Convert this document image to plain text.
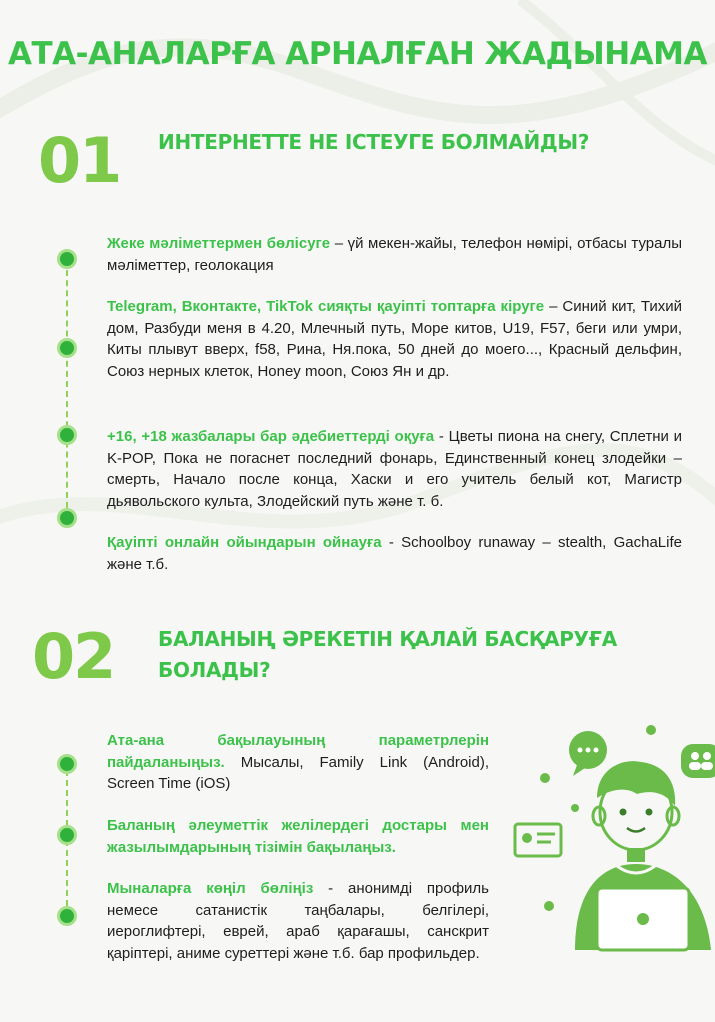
АТА-АНАЛАРҒА АРНАЛҒАН ЖАДЫНАМА
01 ИНТЕРНЕТТЕ НЕ ІСТЕУГЕ БОЛМАЙДЫ?
Жеке мәліметтермен бөлісуге – үй мекен-жайы, телефон нөмірі, отбасы туралы мәліметтер, геолокация
Telegram, Вконтакте, TikTok сияқты қауіпті топтарға кіруге – Синий кит, Тихий дом, Разбуди меня в 4.20, Млечный путь, Море китов, U19, F57, беги или умри, Киты плывут вверх, f58, Рина, Ня.пока, 50 дней до моего..., Красный дельфин, Союз нерных клеток, Honey moon, Союз Ян и др.
+16, +18 жазбалары бар әдебиеттерді оқуға - Цветы пиона на снегу, Сплетни и K-POP, Пока не погаснет последний фонарь, Единственный конец злодейки – смерть, Начало после конца, Хаски и его учитель белый кот, Магистр дьявольского культа, Злодейский путь және т. б.
Қауіпті онлайн ойындарын ойнауға - Schoolboy runaway – stealth, GachaLife және т.б.
02 БАЛАНЫҢ ӘРЕКЕТІН ҚАЛАЙ БАСҚАРУҒА
БОЛАДЫ?
Ата-ана бақылауының параметрлерін пайдаланыңыз. Мысалы, Family Link (Android), Screen Time (iOS)
Баланың әлеуметтік желілердегі достары мен жазылымдарының тізімін бақылаңыз.
Мыналарға көңіл бөліңіз - анонимді профиль немесе сатанистік таңбалары, белгілері, иероглифтері, еврей, араб қарағашы, санскрит қаріптері, аниме суреттері және т.б. бар профильдер.
